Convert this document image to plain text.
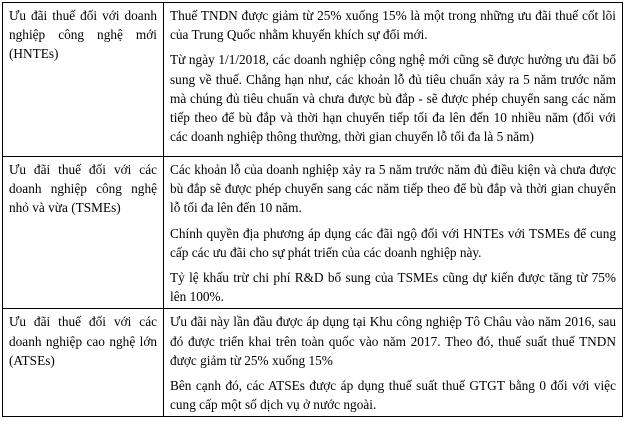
Ưu đãi thuế đối với doanh nghiệp công nghệ mới (HNTEs)	Thuế TNDN được giảm từ 25% xuống 15% là một trong những ưu đãi thuế cốt lõi của Trung Quốc nhằm khuyến khích sự đổi mới.

Từ ngày 1/1/2018, các doanh nghiệp công nghệ mới cũng sẽ được hưởng ưu đãi bổ sung về thuế. Chẳng hạn như, các khoản lỗ đủ tiêu chuẩn xảy ra 5 năm trước năm mà chúng đủ tiêu chuẩn và chưa được bù đắp - sẽ được phép chuyển sang các năm tiếp theo để bù đắp và thời hạn chuyển tiếp tối đa lên đến 10 nhiều năm (đối với các doanh nghiệp thông thường, thời gian chuyển lỗ tối đa là 5 năm)

Ưu đãi thuế đối với các doanh nghiệp công nghệ nhỏ và vừa (TSMEs)	Các khoản lỗ của doanh nghiệp xảy ra 5 năm trước năm đủ điều kiện và chưa được bù đắp sẽ được phép chuyển sang các năm tiếp theo để bù đắp và thời gian chuyển lỗ tối đa lên đến 10 năm.

Chính quyền địa phương áp dụng các đãi ngộ đối với HNTEs với TSMEs để cung cấp các ưu đãi cho sự phát triển của các doanh nghiệp này.

Tỷ lệ khấu trừ chi phí R&D bổ sung của TSMEs cũng dự kiến được tăng từ 75% lên 100%.

Ưu đãi thuế đối với các doanh nghiệp cao nghệ lớn (ATSEs)	Ưu đãi này lần đầu được áp dụng tại Khu công nghiệp Tô Châu vào năm 2016, sau đó được triển khai trên toàn quốc vào năm 2017. Theo đó, thuế suất thuế TNDN được giảm từ 25% xuống 15%

Bên cạnh đó, các ATSEs được áp dụng thuế suất thuế GTGT bằng 0 đối với việc cung cấp một số dịch vụ ở nước ngoài.
